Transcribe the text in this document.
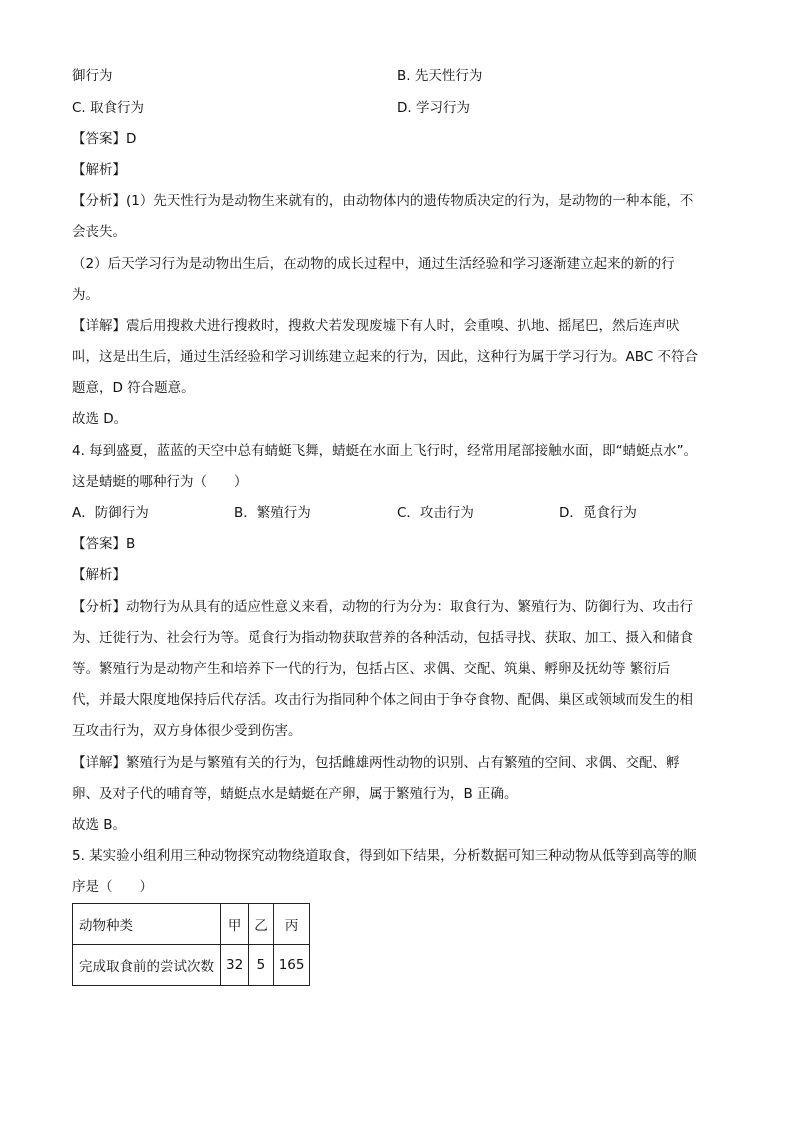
御行为	B. 先天性行为
C. 取食行为	D. 学习行为
【答案】D
【解析】
【分析】(1）先天性行为是动物生来就有的，由动物体内的遗传物质决定的行为，是动物的一种本能，不
会丧失。
（2）后天学习行为是动物出生后，在动物的成长过程中，通过生活经验和学习逐渐建立起来的新的行
为。
【详解】震后用搜救犬进行搜救时，搜救犬若发现废墟下有人时，会重嗅、扒地、摇尾巴，然后连声吠
叫，这是出生后，通过生活经验和学习训练建立起来的行为，因此，这种行为属于学习行为。ABC 不符合
题意，D 符合题意。
故选 D。
4. 每到盛夏，蓝蓝的天空中总有蜻蜓飞舞，蜻蜓在水面上飞行时，经常用尾部接触水面，即“蜻蜓点水”。
这是蜻蜓的哪种行为（　　）
A．防御行为	B．繁殖行为	C．攻击行为	D．觅食行为
【答案】B
【解析】
【分析】动物行为从具有的适应性意义来看，动物的行为分为：取食行为、繁殖行为、防御行为、攻击行
为、迁徙行为、社会行为等。觅食行为指动物获取营养的各种活动，包括寻找、获取、加工、摄入和储食
等。繁殖行为是动物产生和培养下一代的行为，包括占区、求偶、交配、筑巢、孵卵及抚幼等 繁衍后
代，并最大限度地保持后代存活。攻击行为指同种个体之间由于争夺食物、配偶、巢区或领域而发生的相
互攻击行为，双方身体很少受到伤害。
【详解】繁殖行为是与繁殖有关的行为，包括雌雄两性动物的识别、占有繁殖的空间、求偶、交配、孵
卵、及对子代的哺育等，蜻蜓点水是蜻蜓在产卵，属于繁殖行为，B 正确。
故选 B。
5. 某实验小组利用三种动物探究动物绕道取食，得到如下结果，分析数据可知三种动物从低等到高等的顺
序是（　　）
动物种类	甲	乙	丙
完成取食前的尝试次数	32	5	165
